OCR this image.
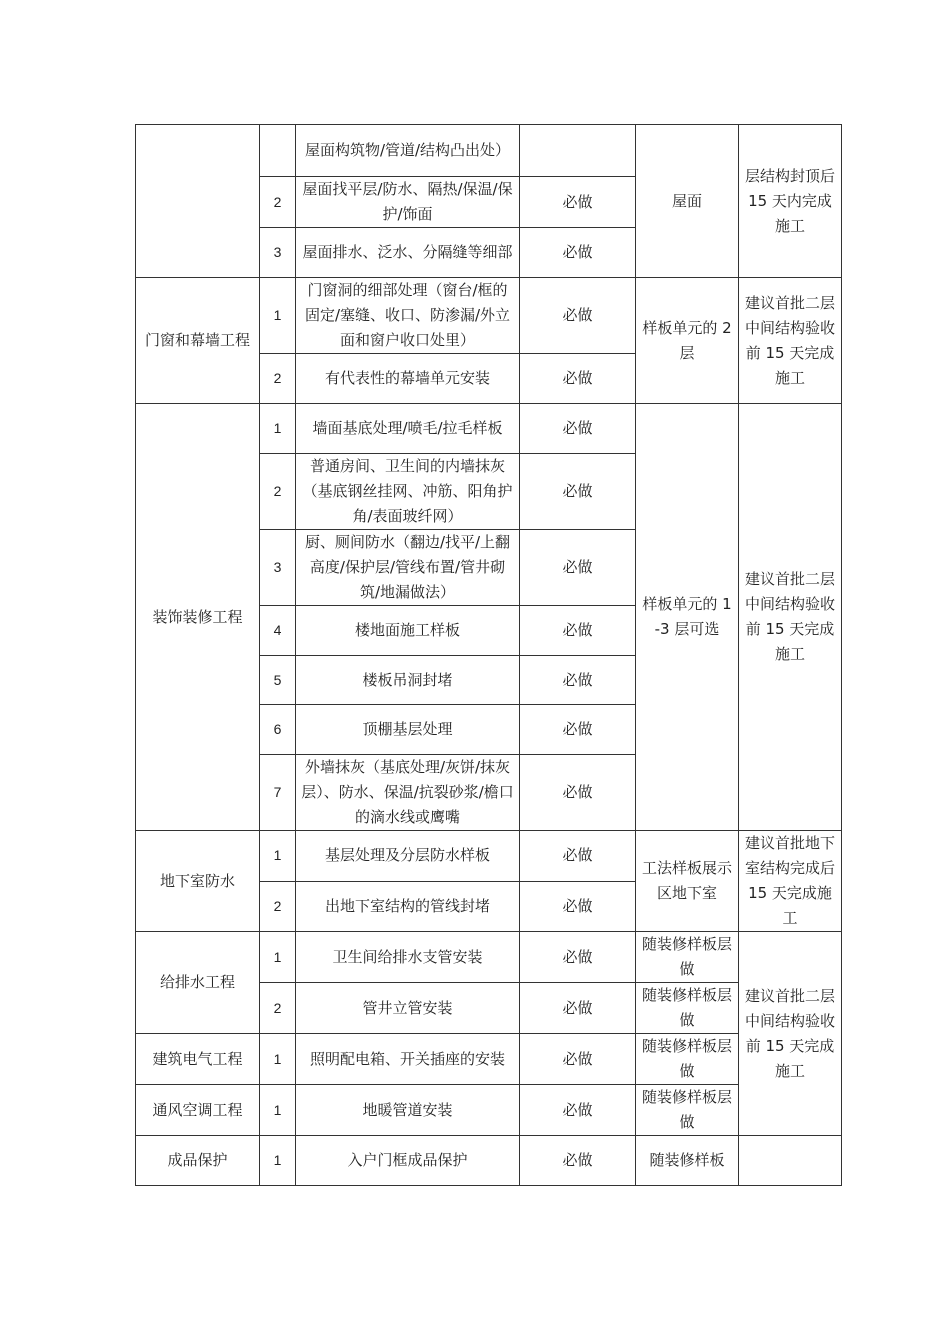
		屋面构筑物/管道/结构凸出处）		屋面	层结构封顶后 15 天内完成施工
	2	屋面找平层/防水、隔热/保温/保护/饰面	必做		
	3	屋面排水、泛水、分隔缝等细部	必做		
门窗和幕墙工程	1	门窗洞的细部处理（窗台/框的固定/塞缝、收口、防渗漏/外立面和窗户收口处里）	必做	样板单元的 2 层	建议首批二层中间结构验收前 15 天完成施工
	2	有代表性的幕墙单元安装	必做		
装饰装修工程	1	墙面基底处理/喷毛/拉毛样板	必做	样板单元的 1-3 层可选	建议首批二层中间结构验收前 15 天完成施工
	2	普通房间、卫生间的内墙抹灰（基底钢丝挂网、冲筋、阳角护角/表面玻纤网）	必做		
	3	厨、厕间防水（翻边/找平/上翻高度/保护层/管线布置/管井砌筑/地漏做法）	必做		
	4	楼地面施工样板	必做		
	5	楼板吊洞封堵	必做		
	6	顶棚基层处理	必做		
	7	外墙抹灰（基底处理/灰饼/抹灰层）、防水、保温/抗裂砂浆/檐口的滴水线或鹰嘴	必做		
地下室防水	1	基层处理及分层防水样板	必做	工法样板展示区地下室	建议首批地下室结构完成后 15 天完成施工
	2	出地下室结构的管线封堵	必做		
给排水工程	1	卫生间给排水支管安装	必做	随装修样板层做	建议首批二层中间结构验收前 15 天完成施工
	2	管井立管安装	必做	随装修样板层做	
建筑电气工程	1	照明配电箱、开关插座的安装	必做	随装修样板层做	
通风空调工程	1	地暖管道安装	必做	随装修样板层做	
成品保护	1	入户门框成品保护	必做	随装修样板	
